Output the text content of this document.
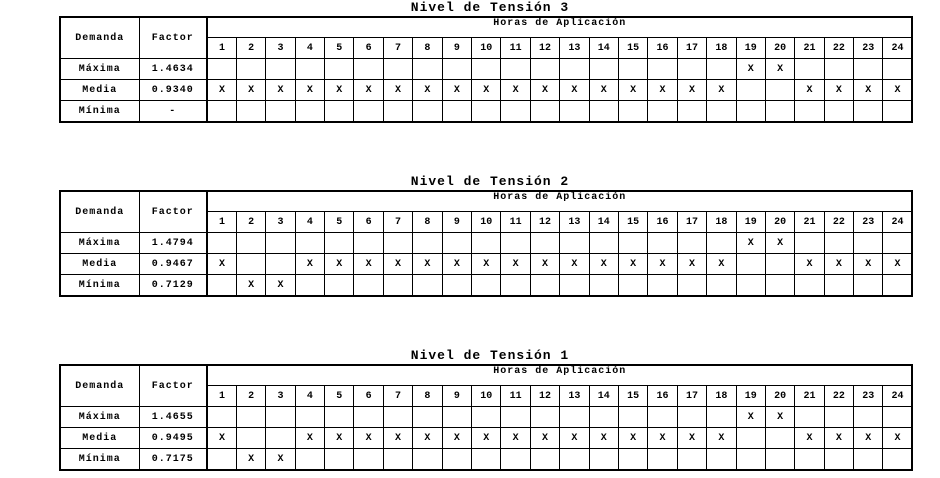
Nivel de Tensión 3
Demanda	Factor	Horas de Aplicación																							
		1	2	3	4	5	6	7	8	9	10	11	12	13	14	15	16	17	18	19	20	21	22	23	24
Máxima	1.4634																			X	X				
Media	0.9340	X	X	X	X	X	X	X	X	X	X	X	X	X	X	X	X	X	X			X	X	X	X
Mínima	-																								
Nivel de Tensión 2
Demanda	Factor	Horas de Aplicación																							
		1	2	3	4	5	6	7	8	9	10	11	12	13	14	15	16	17	18	19	20	21	22	23	24
Máxima	1.4794																			X	X				
Media	0.9467	X			X	X	X	X	X	X	X	X	X	X	X	X	X	X	X			X	X	X	X
Mínima	0.7129		X	X																					
Nivel de Tensión 1
Demanda	Factor	Horas de Aplicación																							
		1	2	3	4	5	6	7	8	9	10	11	12	13	14	15	16	17	18	19	20	21	22	23	24
Máxima	1.4655																			X	X				
Media	0.9495	X			X	X	X	X	X	X	X	X	X	X	X	X	X	X	X			X	X	X	X
Mínima	0.7175		X	X																					
